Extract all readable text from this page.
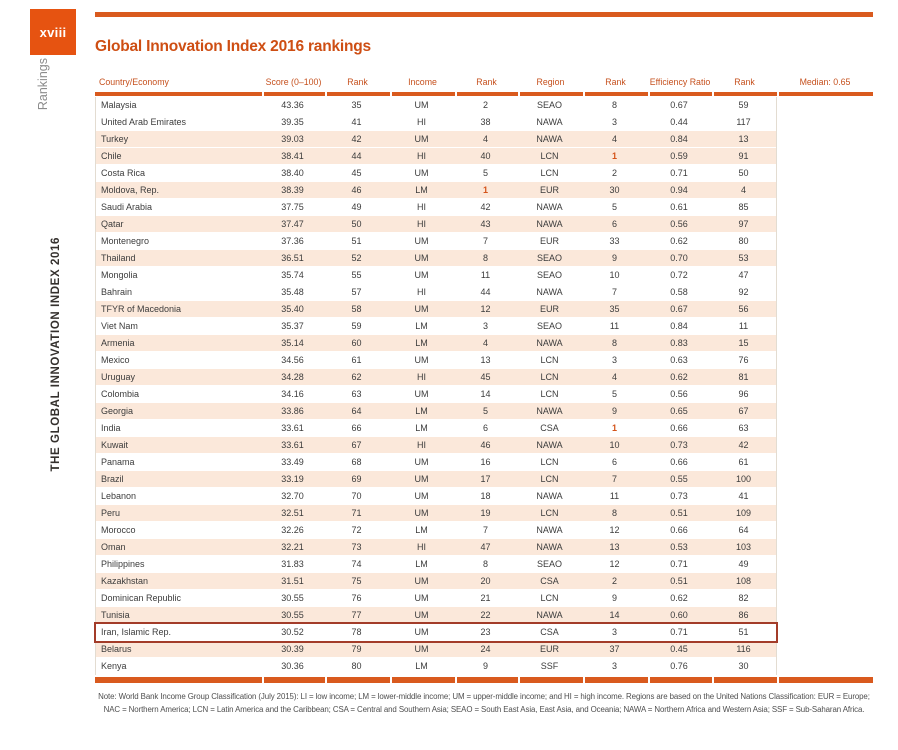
xviii
Rankings
THE GLOBAL INNOVATION INDEX 2016
Global Innovation Index 2016 rankings
Country/Economy	Score (0–100)	Rank	Income	Rank	Region	Rank	Efficiency Ratio	Rank	Median: 0.65
Malaysia	43.36	35	UM	2	SEAO	8	0.67	59
United Arab Emirates	39.35	41	HI	38	NAWA	3	0.44	117
Turkey	39.03	42	UM	4	NAWA	4	0.84	13
Chile	38.41	44	HI	40	LCN	1	0.59	91
Costa Rica	38.40	45	UM	5	LCN	2	0.71	50
Moldova, Rep.	38.39	46	LM	1	EUR	30	0.94	4
Saudi Arabia	37.75	49	HI	42	NAWA	5	0.61	85
Qatar	37.47	50	HI	43	NAWA	6	0.56	97
Montenegro	37.36	51	UM	7	EUR	33	0.62	80
Thailand	36.51	52	UM	8	SEAO	9	0.70	53
Mongolia	35.74	55	UM	11	SEAO	10	0.72	47
Bahrain	35.48	57	HI	44	NAWA	7	0.58	92
TFYR of Macedonia	35.40	58	UM	12	EUR	35	0.67	56
Viet Nam	35.37	59	LM	3	SEAO	11	0.84	11
Armenia	35.14	60	LM	4	NAWA	8	0.83	15
Mexico	34.56	61	UM	13	LCN	3	0.63	76
Uruguay	34.28	62	HI	45	LCN	4	0.62	81
Colombia	34.16	63	UM	14	LCN	5	0.56	96
Georgia	33.86	64	LM	5	NAWA	9	0.65	67
India	33.61	66	LM	6	CSA	1	0.66	63
Kuwait	33.61	67	HI	46	NAWA	10	0.73	42
Panama	33.49	68	UM	16	LCN	6	0.66	61
Brazil	33.19	69	UM	17	LCN	7	0.55	100
Lebanon	32.70	70	UM	18	NAWA	11	0.73	41
Peru	32.51	71	UM	19	LCN	8	0.51	109
Morocco	32.26	72	LM	7	NAWA	12	0.66	64
Oman	32.21	73	HI	47	NAWA	13	0.53	103
Philippines	31.83	74	LM	8	SEAO	12	0.71	49
Kazakhstan	31.51	75	UM	20	CSA	2	0.51	108
Dominican Republic	30.55	76	UM	21	LCN	9	0.62	82
Tunisia	30.55	77	UM	22	NAWA	14	0.60	86
Iran, Islamic Rep.	30.52	78	UM	23	CSA	3	0.71	51
Belarus	30.39	79	UM	24	EUR	37	0.45	116
Kenya	30.36	80	LM	9	SSF	3	0.76	30
Note: World Bank Income Group Classification (July 2015): LI = low income; LM = lower-middle income; UM = upper-middle income; and HI = high income. Regions are based on the United Nations Classification: EUR = Europe;
NAC = Northern America; LCN = Latin America and the Caribbean; CSA = Central and Southern Asia; SEAO = South East Asia, East Asia, and Oceania; NAWA = Northern Africa and Western Asia; SSF = Sub-Saharan Africa.
